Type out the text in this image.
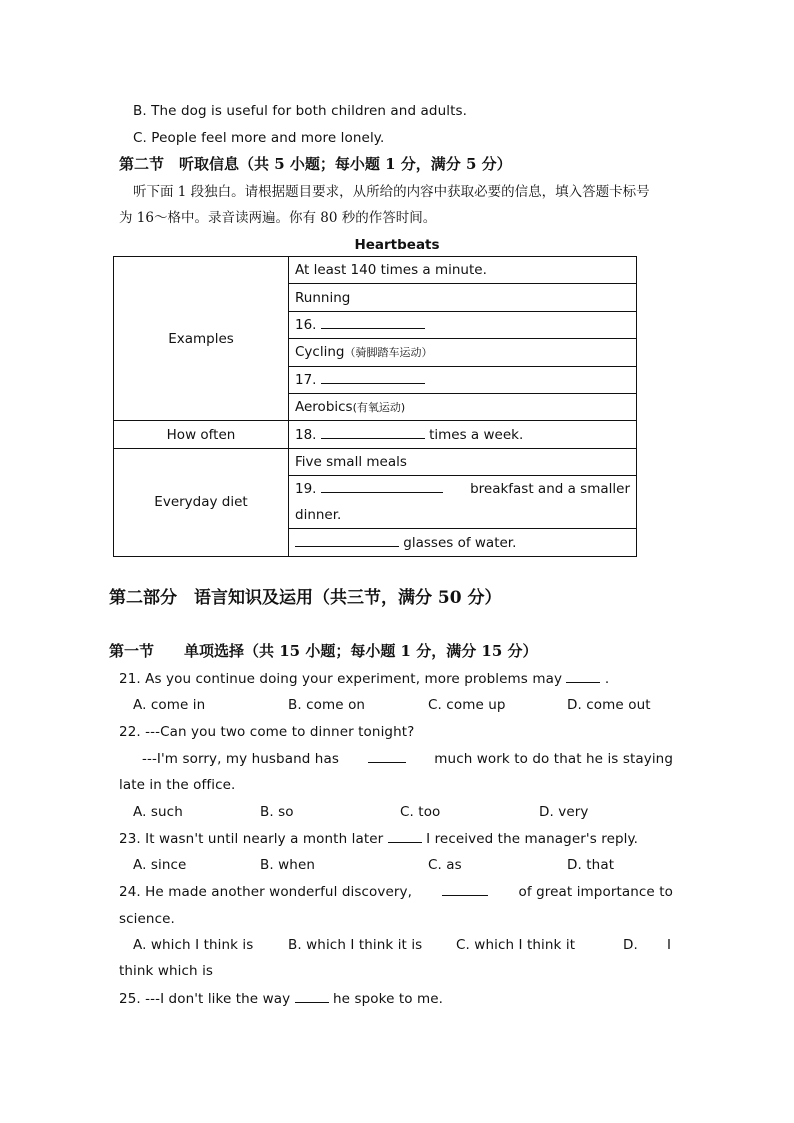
B. The dog is useful for both children and adults.
C. People feel more and more lonely.
第二节　听取信息（共 5 小题；每小题 1 分，满分 5 分）
听下面 1 段独白。请根据题目要求，从所给的内容中获取必要的信息，填入答题卡标号
为 16～格中。录音读两遍。你有 80 秒的作答时间。
Heartbeats
Examples	At least 140 times a minute.
	Running
	16.
	Cycling（骑脚踏车运动）
	17.
	Aerobics(有氧运动)
How often	18. times a week.
Everyday diet	Five small meals

	19. breakfast and a smaller
dinner.

	glasses of water.
第二部分　语言知识及运用（共三节，满分 50 分）
第一节　　单项选择（共 15 小题；每小题 1 分，满分 15 分）
21. As you continue doing your experiment, more problems may	.
A. come in	B. come on	C. come up	D. come out
22. ---Can you two come to dinner tonight?
---I'm sorry, my husband has	much work to do that he is staying
late in the office.
A. such	B. so	C. too	D. very
23. It wasn't until nearly a month later	I received the manager's reply.
A. since	B. when	C. as	D. that
24. He made another wonderful discovery,	of great importance to
science.
A. which I think is	B. which I think it is C. which I think it	D. I
think which is
25. ---I don't like the way	he spoke to me.
